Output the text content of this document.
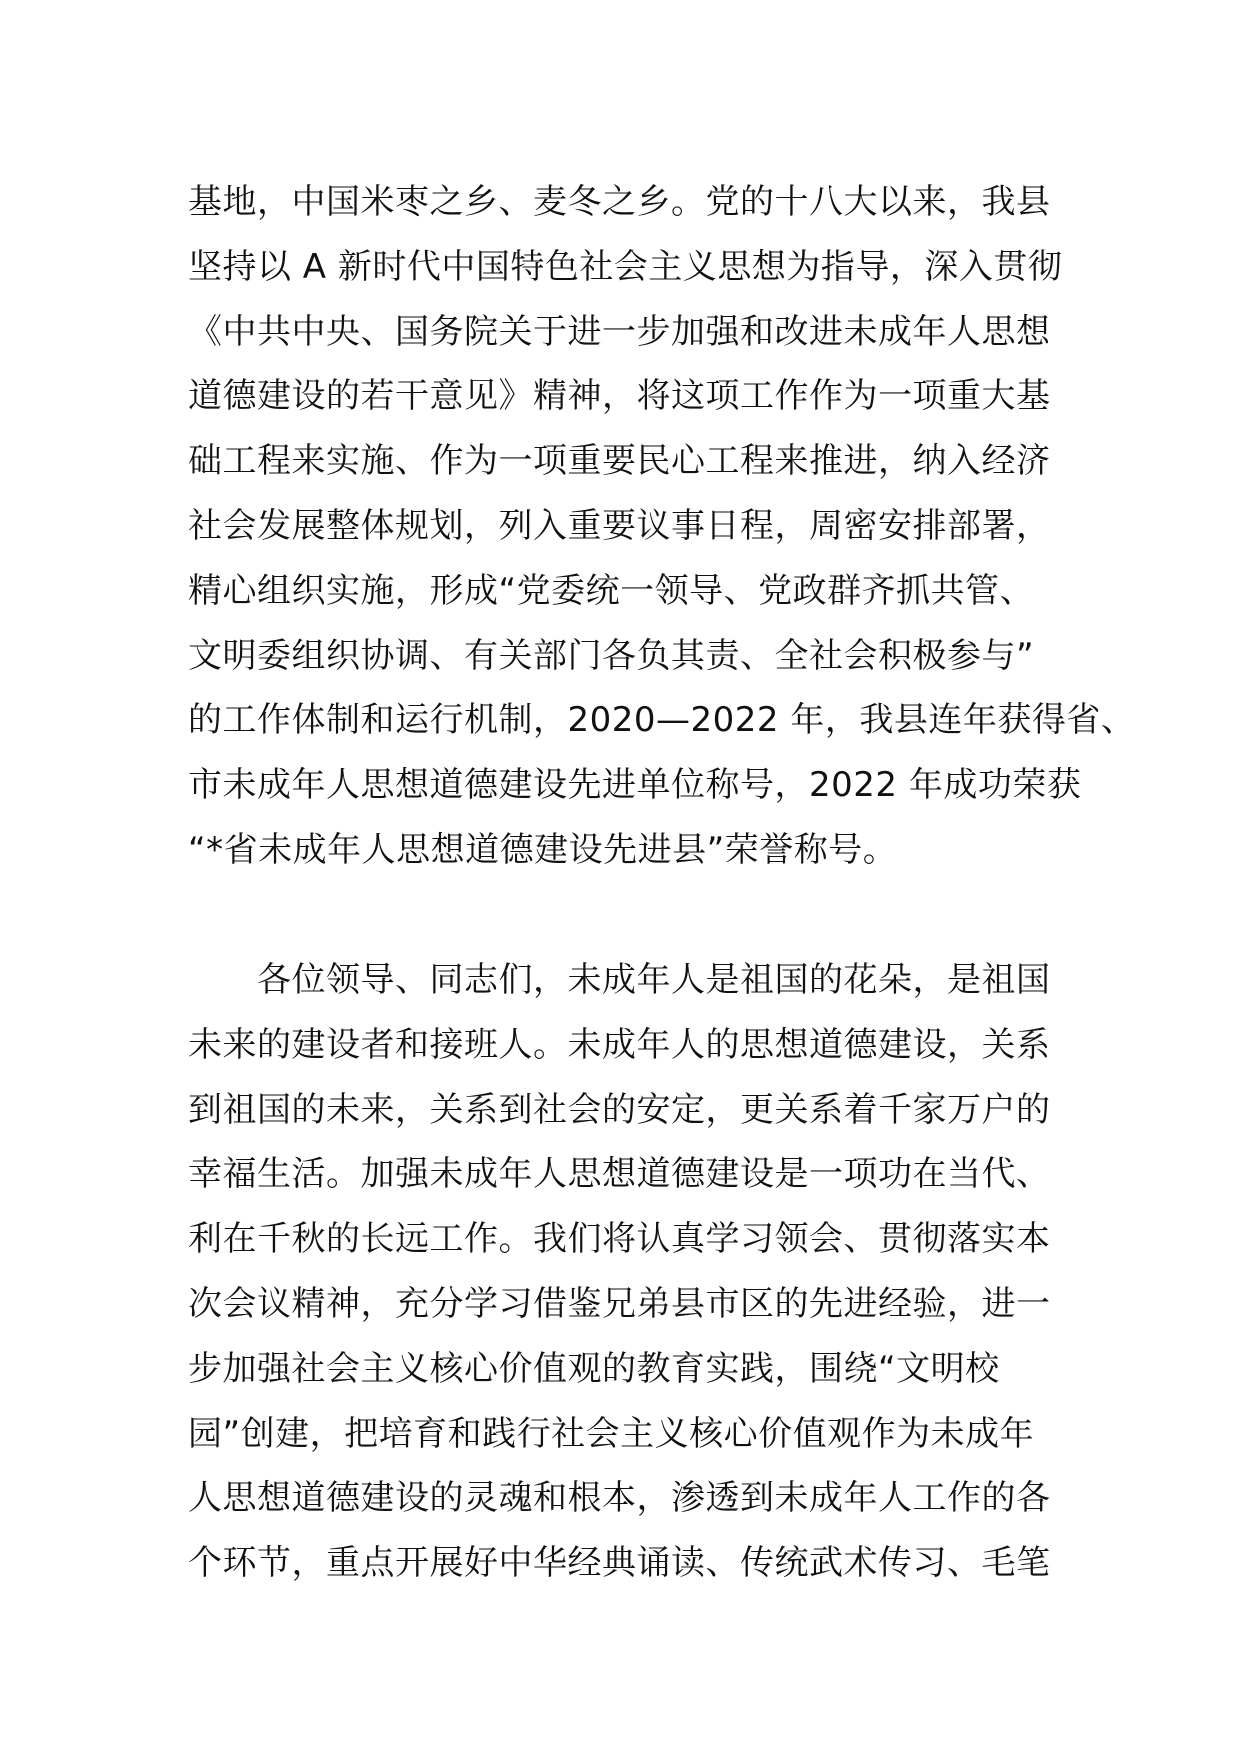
基地，中国米枣之乡、麦冬之乡。党的十八大以来，我县
坚持以 A 新时代中国特色社会主义思想为指导，深入贯彻
《中共中央、国务院关于进一步加强和改进未成年人思想
道德建设的若干意见》精神，将这项工作作为一项重大基
础工程来实施、作为一项重要民心工程来推进，纳入经济
社会发展整体规划，列入重要议事日程，周密安排部署，
精心组织实施，形成“党委统一领导、党政群齐抓共管、
文明委组织协调、有关部门各负其责、全社会积极参与”
的工作体制和运行机制，2020—2022 年，我县连年获得省、
市未成年人思想道德建设先进单位称号，2022 年成功荣获
“*省未成年人思想道德建设先进县”荣誉称号。
　　各位领导、同志们，未成年人是祖国的花朵，是祖国
未来的建设者和接班人。未成年人的思想道德建设，关系
到祖国的未来，关系到社会的安定，更关系着千家万户的
幸福生活。加强未成年人思想道德建设是一项功在当代、
利在千秋的长远工作。我们将认真学习领会、贯彻落实本
次会议精神，充分学习借鉴兄弟县市区的先进经验，进一
步加强社会主义核心价值观的教育实践，围绕“文明校
园”创建，把培育和践行社会主义核心价值观作为未成年
人思想道德建设的灵魂和根本，渗透到未成年人工作的各
个环节，重点开展好中华经典诵读、传统武术传习、毛笔
